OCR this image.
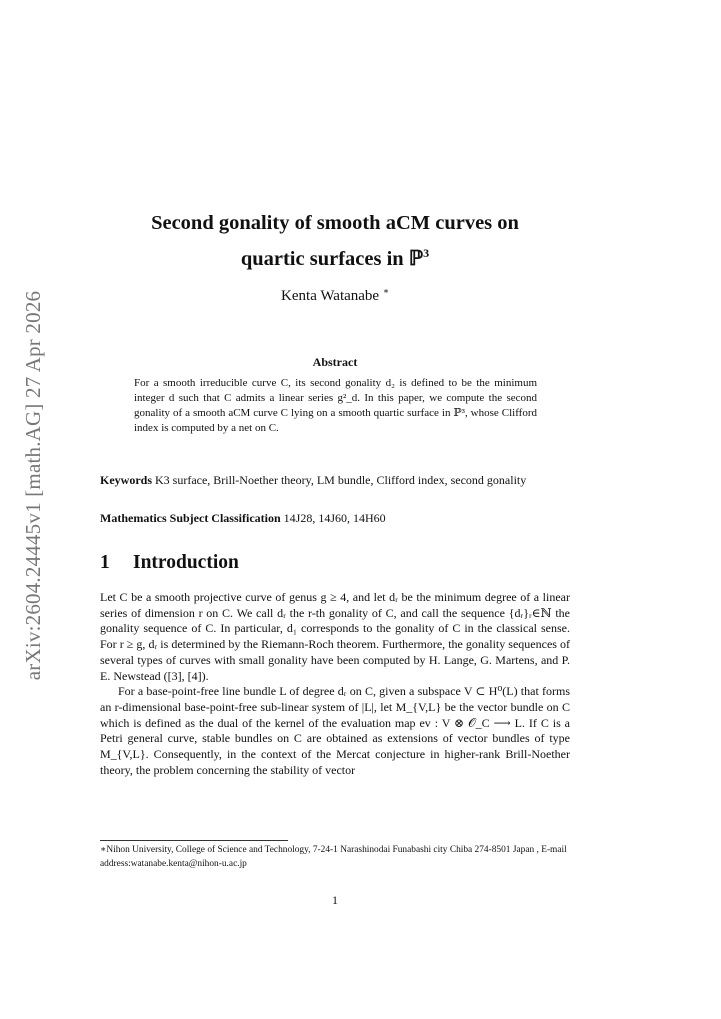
arXiv:2604.24445v1 [math.AG] 27 Apr 2026
Second gonality of smooth aCM curves on
quartic surfaces in ℙ$^3$
Kenta Watanabe ∗
Abstract
For a smooth irreducible curve C, its second gonality d₂ is defined to be the minimum integer d such that C admits a linear series g²_d. In this paper, we compute the second gonality of a smooth aCM curve C lying on a smooth quartic surface in ℙ³, whose Clifford index is computed by a net on C.
Keywords K3 surface, Brill-Noether theory, LM bundle, Clifford index, second gonality
Mathematics Subject Classification 14J28, 14J60, 14H60
1 Introduction

Let C be a smooth projective curve of genus g ≥ 4, and let dᵣ be the minimum degree of a linear series of dimension r on C. We call dᵣ the r-th gonality of C, and call the sequence {dᵣ}ᵣ∈ℕ the gonality sequence of C. In particular, d₁ corresponds to the gonality of C in the classical sense. For r ≥ g, dᵣ is determined by the Riemann-Roch theorem. Furthermore, the gonality sequences of several types of curves with small gonality have been computed by H. Lange, G. Martens, and P. E. Newstead ([3], [4]).

For a base-point-free line bundle L of degree dᵣ on C, given a subspace V ⊂ H⁰(L) that forms an r-dimensional base-point-free sub-linear system of |L|, let M_{V,L} be the vector bundle on C which is defined as the dual of the kernel of the evaluation map ev : V ⊗ 𝒪_C ⟶ L. If C is a Petri general curve, stable bundles on C are obtained as extensions of vector bundles of type M_{V,L}. Consequently, in the context of the Mercat conjecture in higher-rank Brill-Noether theory, the problem concerning the stability of vector

∗Nihon University, College of Science and Technology, 7-24-1 Narashinodai Funabashi city Chiba 274-8501 Japan , E-mail address:watanabe.kenta@nihon-u.ac.jp
1
